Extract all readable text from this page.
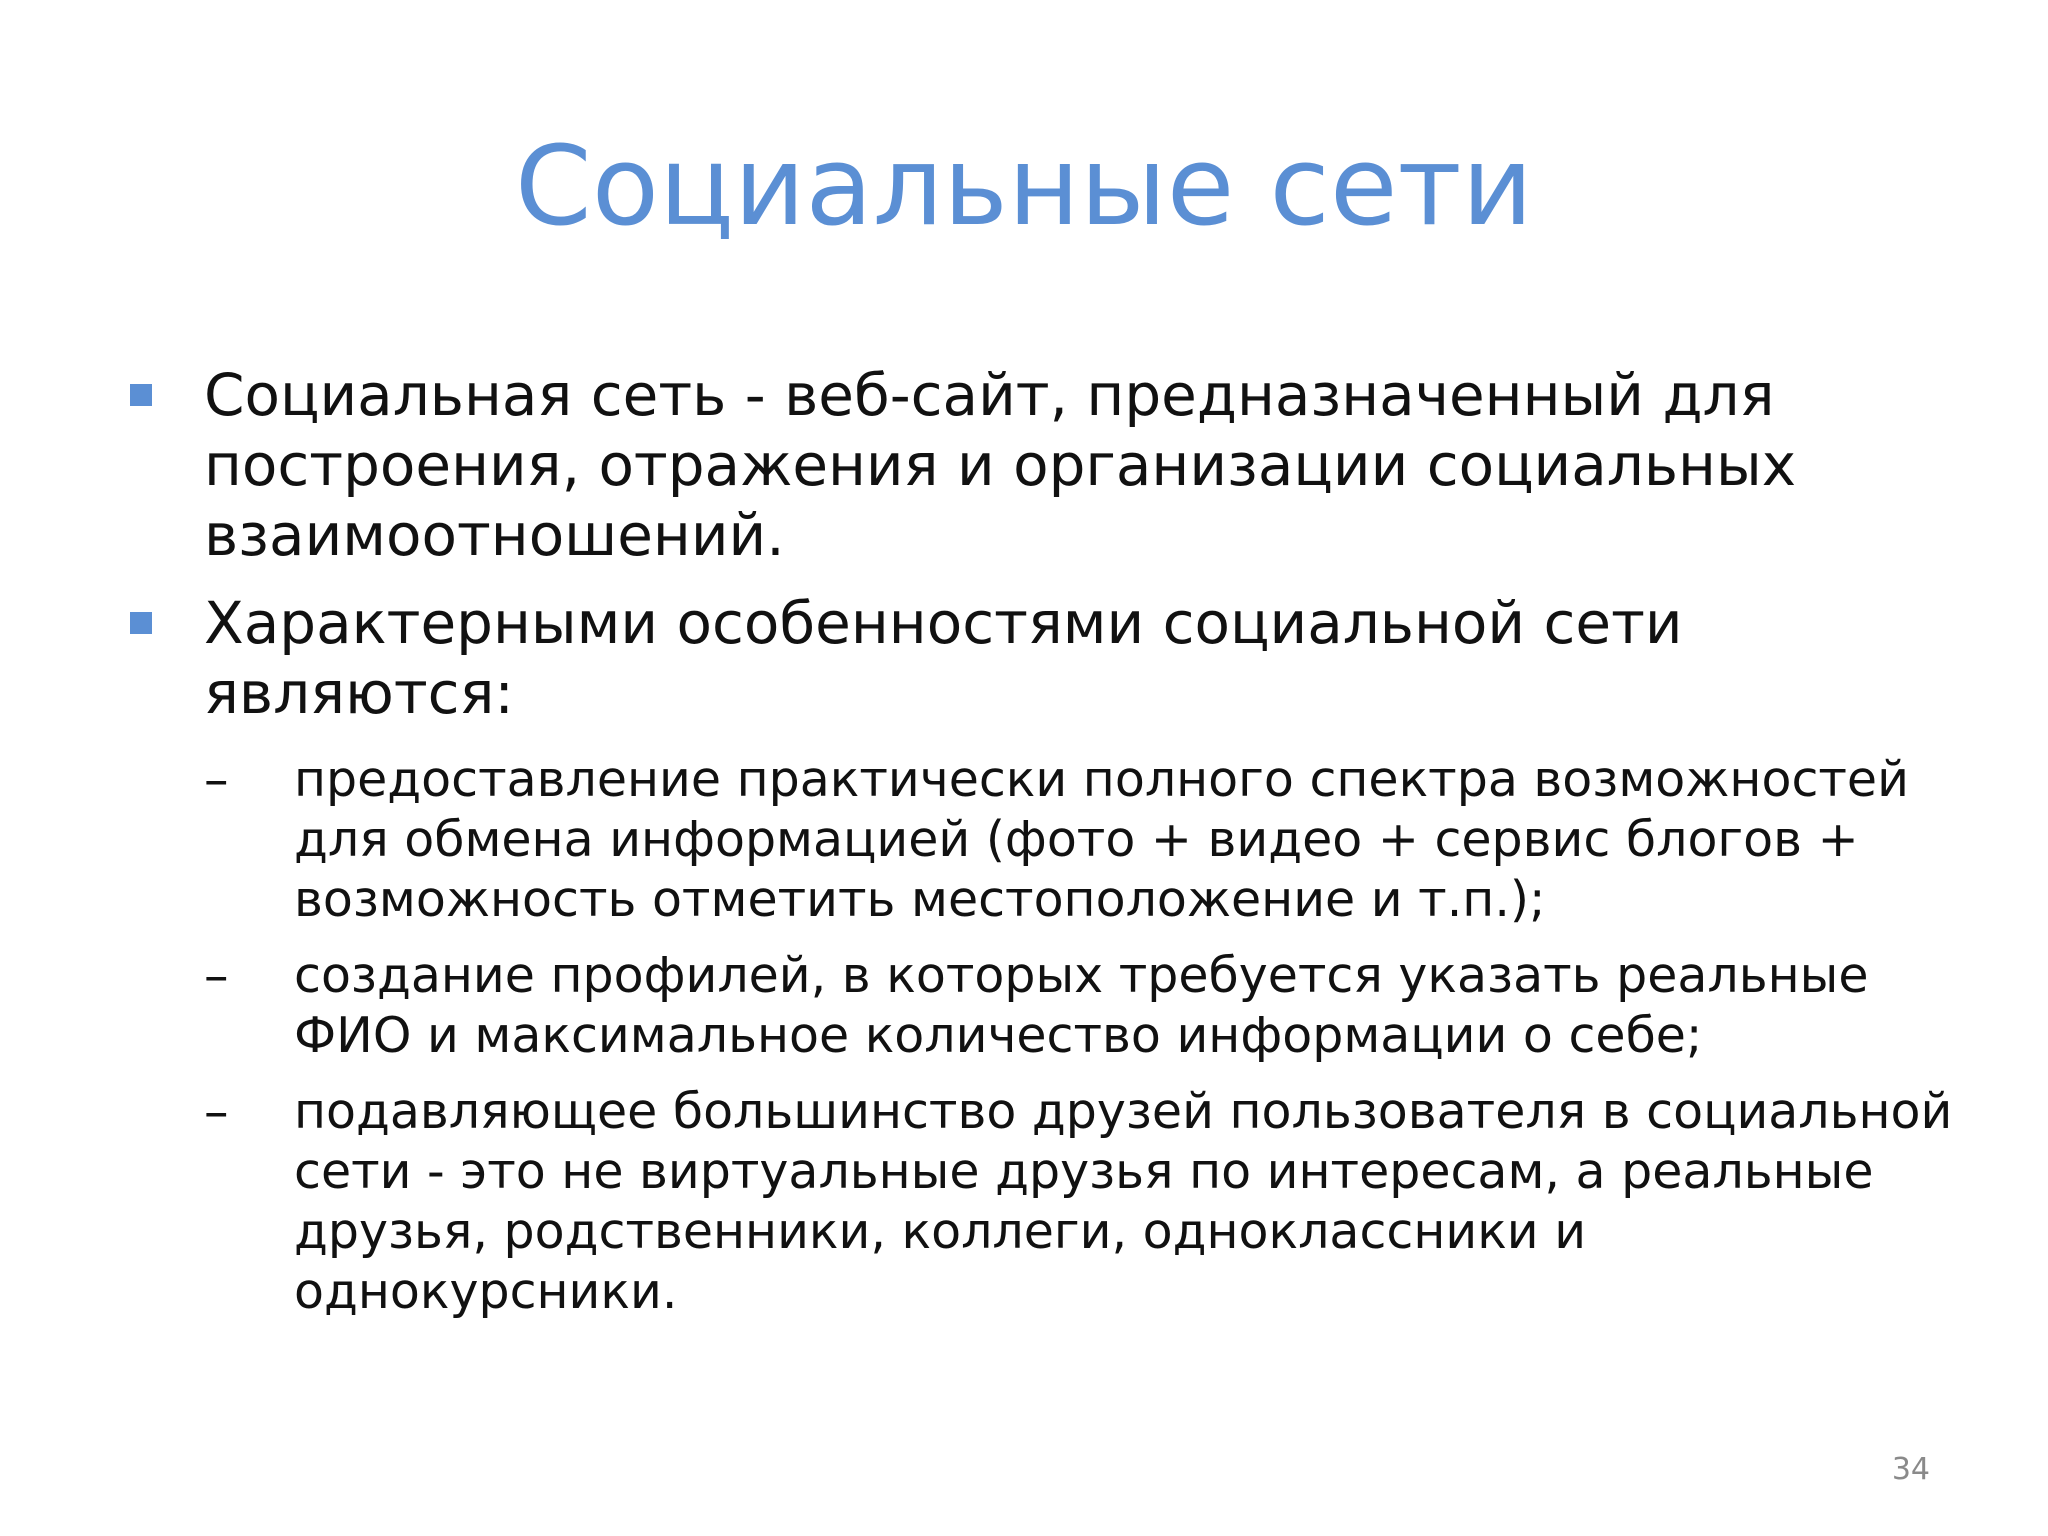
Социальные сети
Социальная сеть - веб-сайт, предназначенный для построения, отражения и организации социальных взаимоотношений.
Характерными особенностями социальной сети являются:
–	предоставление практически полного спектра возможностей для обмена информацией (фото + видео + сервис блогов + возможность отметить местоположение и т.п.);
–	создание профилей, в которых требуется указать реальные ФИО и максимальное количество информации о себе;
–	подавляющее большинство друзей пользователя в социальной сети - это не виртуальные друзья по интересам, а реальные друзья, родственники, коллеги, одноклассники и однокурсники.
34
